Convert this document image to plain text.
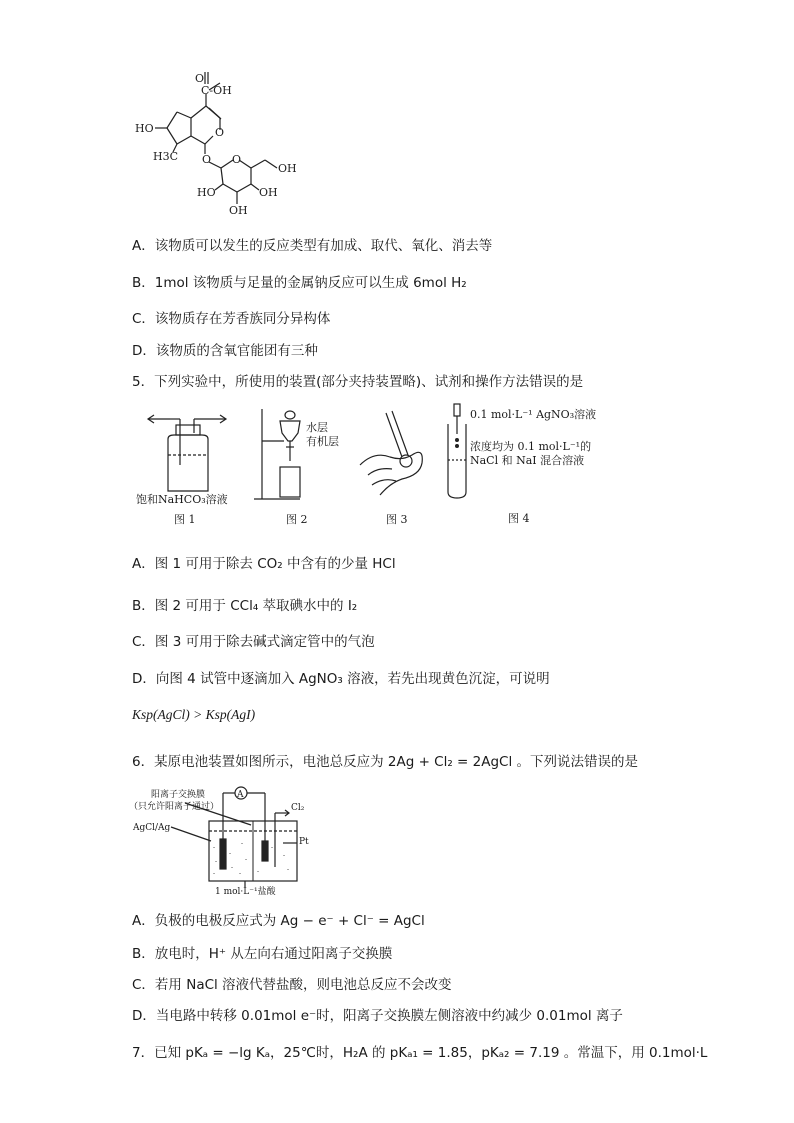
O
C-OH
O
HO
H3C O O
OH
HO
OH
OH
A．该物质可以发生的反应类型有加成、取代、氧化、消去等
B．1mol 该物质与足量的金属钠反应可以生成 6mol H₂
C．该物质存在芳香族同分异构体
D．该物质的含氧官能团有三种
5．下列实验中，所使用的装置(部分夹持装置略)、试剂和操作方法错误的是
饱和NaHCO₃溶液
图 1
水层
有机层
图 2	图 3
0.1 mol·L⁻¹ AgNO₃溶液
浓度均为 0.1 mol·L⁻¹的
NaCl 和 NaI 混合溶液
图 4
A．图 1 可用于除去 CO₂ 中含有的少量 HCl
B．图 2 可用于 CCl₄ 萃取碘水中的 I₂
C．图 3 可用于除去碱式滴定管中的气泡
D．向图 4 试管中逐滴加入 AgNO₃ 溶液，若先出现黄色沉淀，可说明
Ksp(AgCl) > Ksp(AgI)
6．某原电池装置如图所示，电池总反应为 2Ag + Cl₂ = 2AgCl 。下列说法错误的是
-
-
-
-
-
-
-
-	-
-
-
-
A
阳离子交换膜
（只允许阳离子通过）
AgCl/Ag
Cl₂
Pt
1 mol·L⁻¹盐酸
A．负极的电极反应式为 Ag − e⁻ + Cl⁻ = AgCl
B．放电时，H⁺ 从左向右通过阳离子交换膜
C．若用 NaCl 溶液代替盐酸，则电池总反应不会改变
D．当电路中转移 0.01mol e⁻时，阳离子交换膜左侧溶液中约减少 0.01mol 离子
7．已知 pKₐ = −lg Kₐ，25℃时，H₂A 的 pKₐ₁ = 1.85，pKₐ₂ = 7.19 。常温下，用 0.1mol·L
